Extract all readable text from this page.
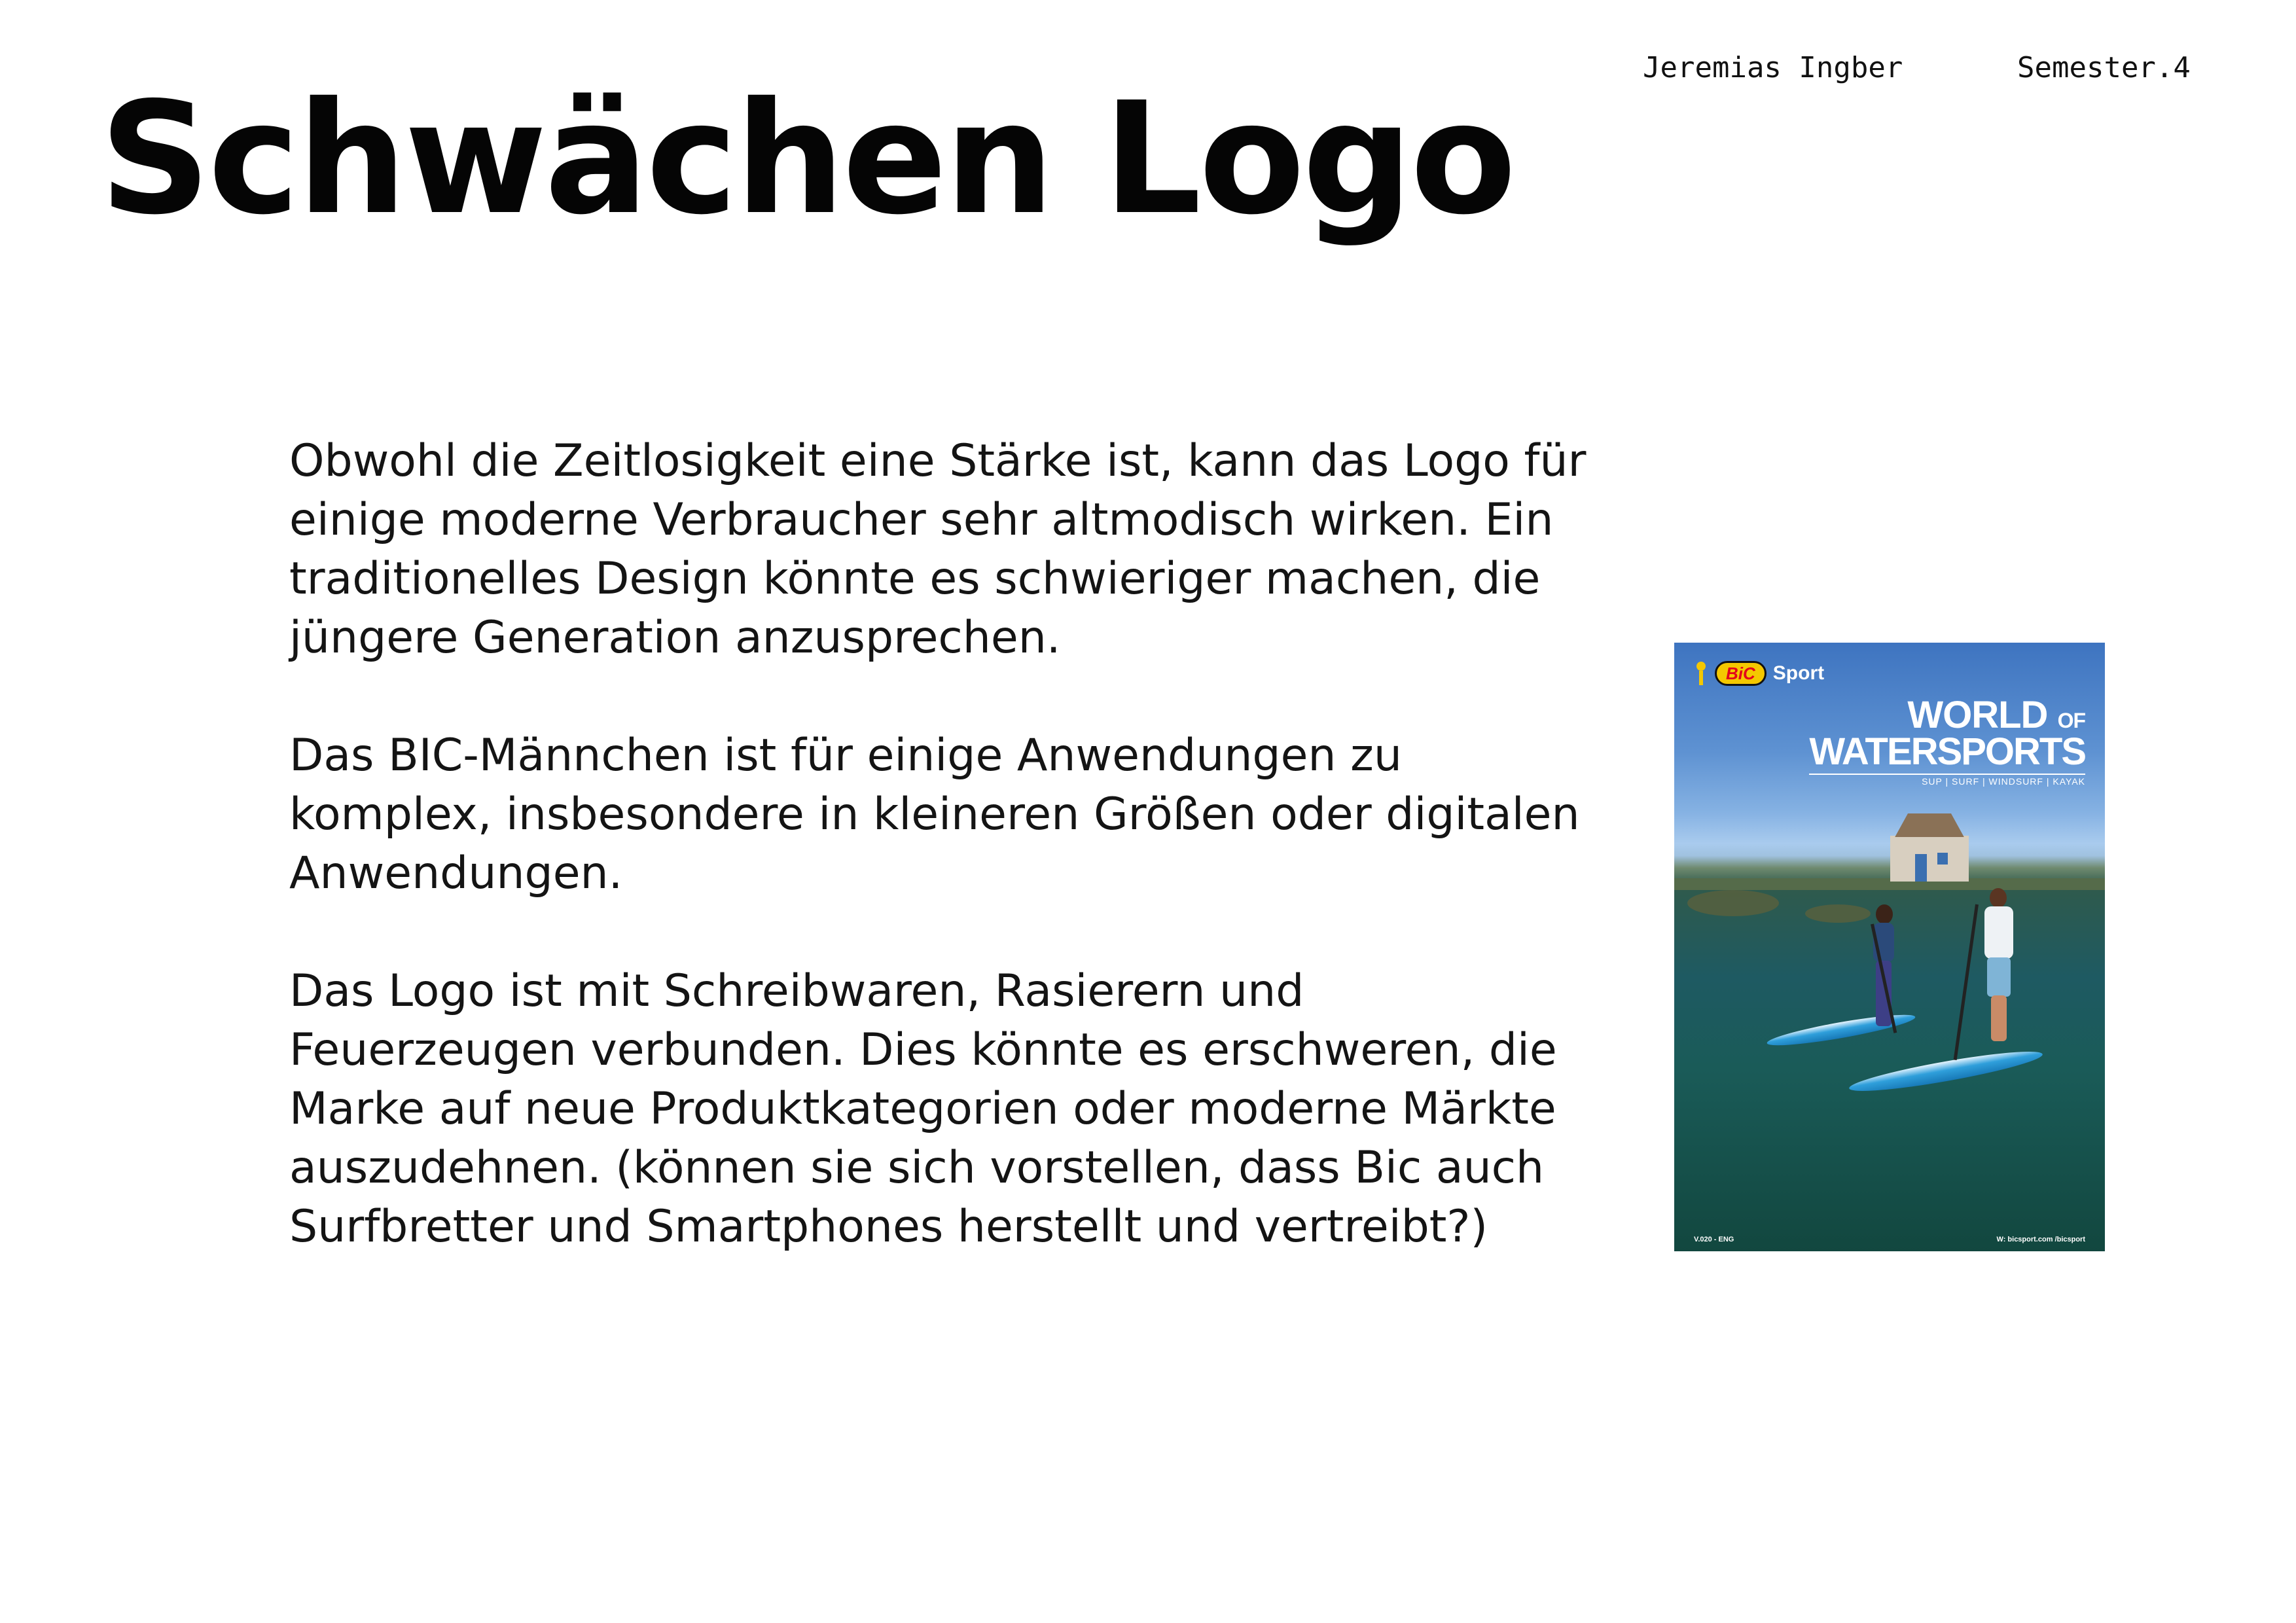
Jeremias Ingber	Semester.4
Schwächen Logo

Obwohl die Zeitlosigkeit eine Stärke ist, kann das Logo für einige moderne Verbraucher sehr altmodisch wirken. Ein traditionelles Design könnte es schwieriger machen, die jüngere Generation anzusprechen.

Das BIC-Männchen ist für einige Anwendungen zu komplex, insbesondere in kleineren Größen oder digitalen Anwendungen.

Das Logo ist mit Schreibwaren, Rasierern und Feuerzeugen verbunden. Dies könnte es erschweren, die Marke auf neue Produktkategorien oder moderne Märkte auszudehnen. (können sie sich vorstellen, dass Bic auch Surfbretter und Smartphones herstellt und vertreibt?)

BiC Sport
WORLD OF
WATERSPORTS
SUP | SURF | WINDSURF | KAYAK
V.020 - ENG	W: bicsport.com /bicsport
